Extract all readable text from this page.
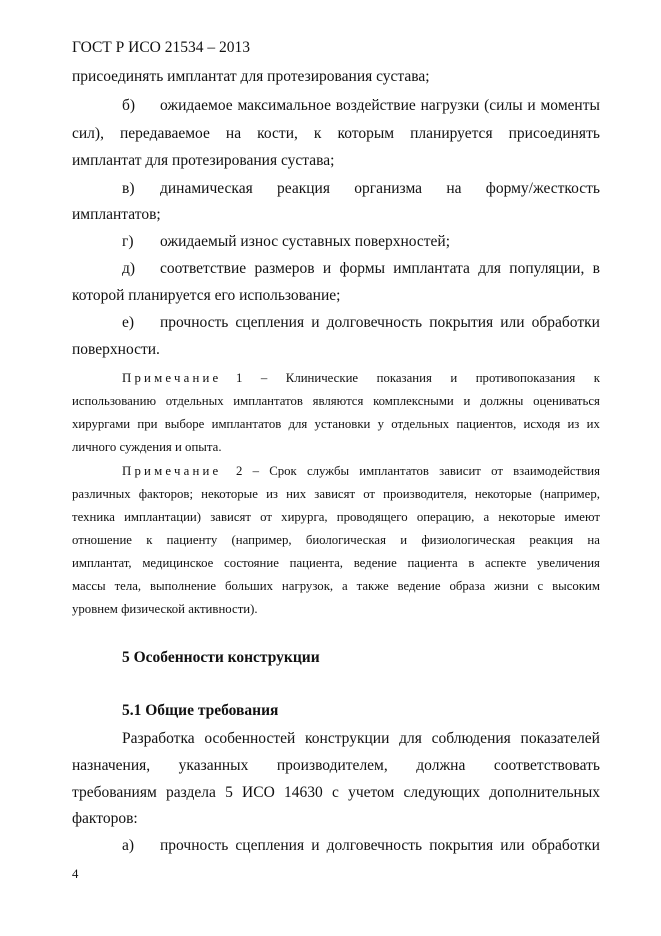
ГОСТ Р ИСО 21534 – 2013
присоединять имплантат для протезирования сустава;
б) ожидаемое максимальное воздействие нагрузки (силы и моменты
сил), передаваемое на кости, к которым планируется присоединять
имплантат для протезирования сустава;
в) динамическая реакция организма на форму/жесткость
имплантатов;
г) ожидаемый износ суставных поверхностей;
д) соответствие размеров и формы имплантата для популяции, в
которой планируется его использование;
е) прочность сцепления и долговечность покрытия или обработки
поверхности.
Примечание 1 – Клинические показания и противопоказания к
использованию отдельных имплантатов являются комплексными и должны оцениваться
хирургами при выборе имплантатов для установки у отдельных пациентов, исходя из их
личного суждения и опыта.
Примечание 2 – Срок службы имплантатов зависит от взаимодействия
различных факторов; некоторые из них зависят от производителя, некоторые (например,
техника имплантации) зависят от хирурга, проводящего операцию, а некоторые имеют
отношение к пациенту (например, биологическая и физиологическая реакция на
имплантат, медицинское состояние пациента, ведение пациента в аспекте увеличения
массы тела, выполнение больших нагрузок, а также ведение образа жизни с высоким
уровнем физической активности).
5 Особенности конструкции
5.1 Общие требования
Разработка особенностей конструкции для соблюдения показателей
назначения, указанных производителем, должна соответствовать
требованиям раздела 5 ИСО 14630 с учетом следующих дополнительных
факторов:
а) прочность сцепления и долговечность покрытия или обработки
4
